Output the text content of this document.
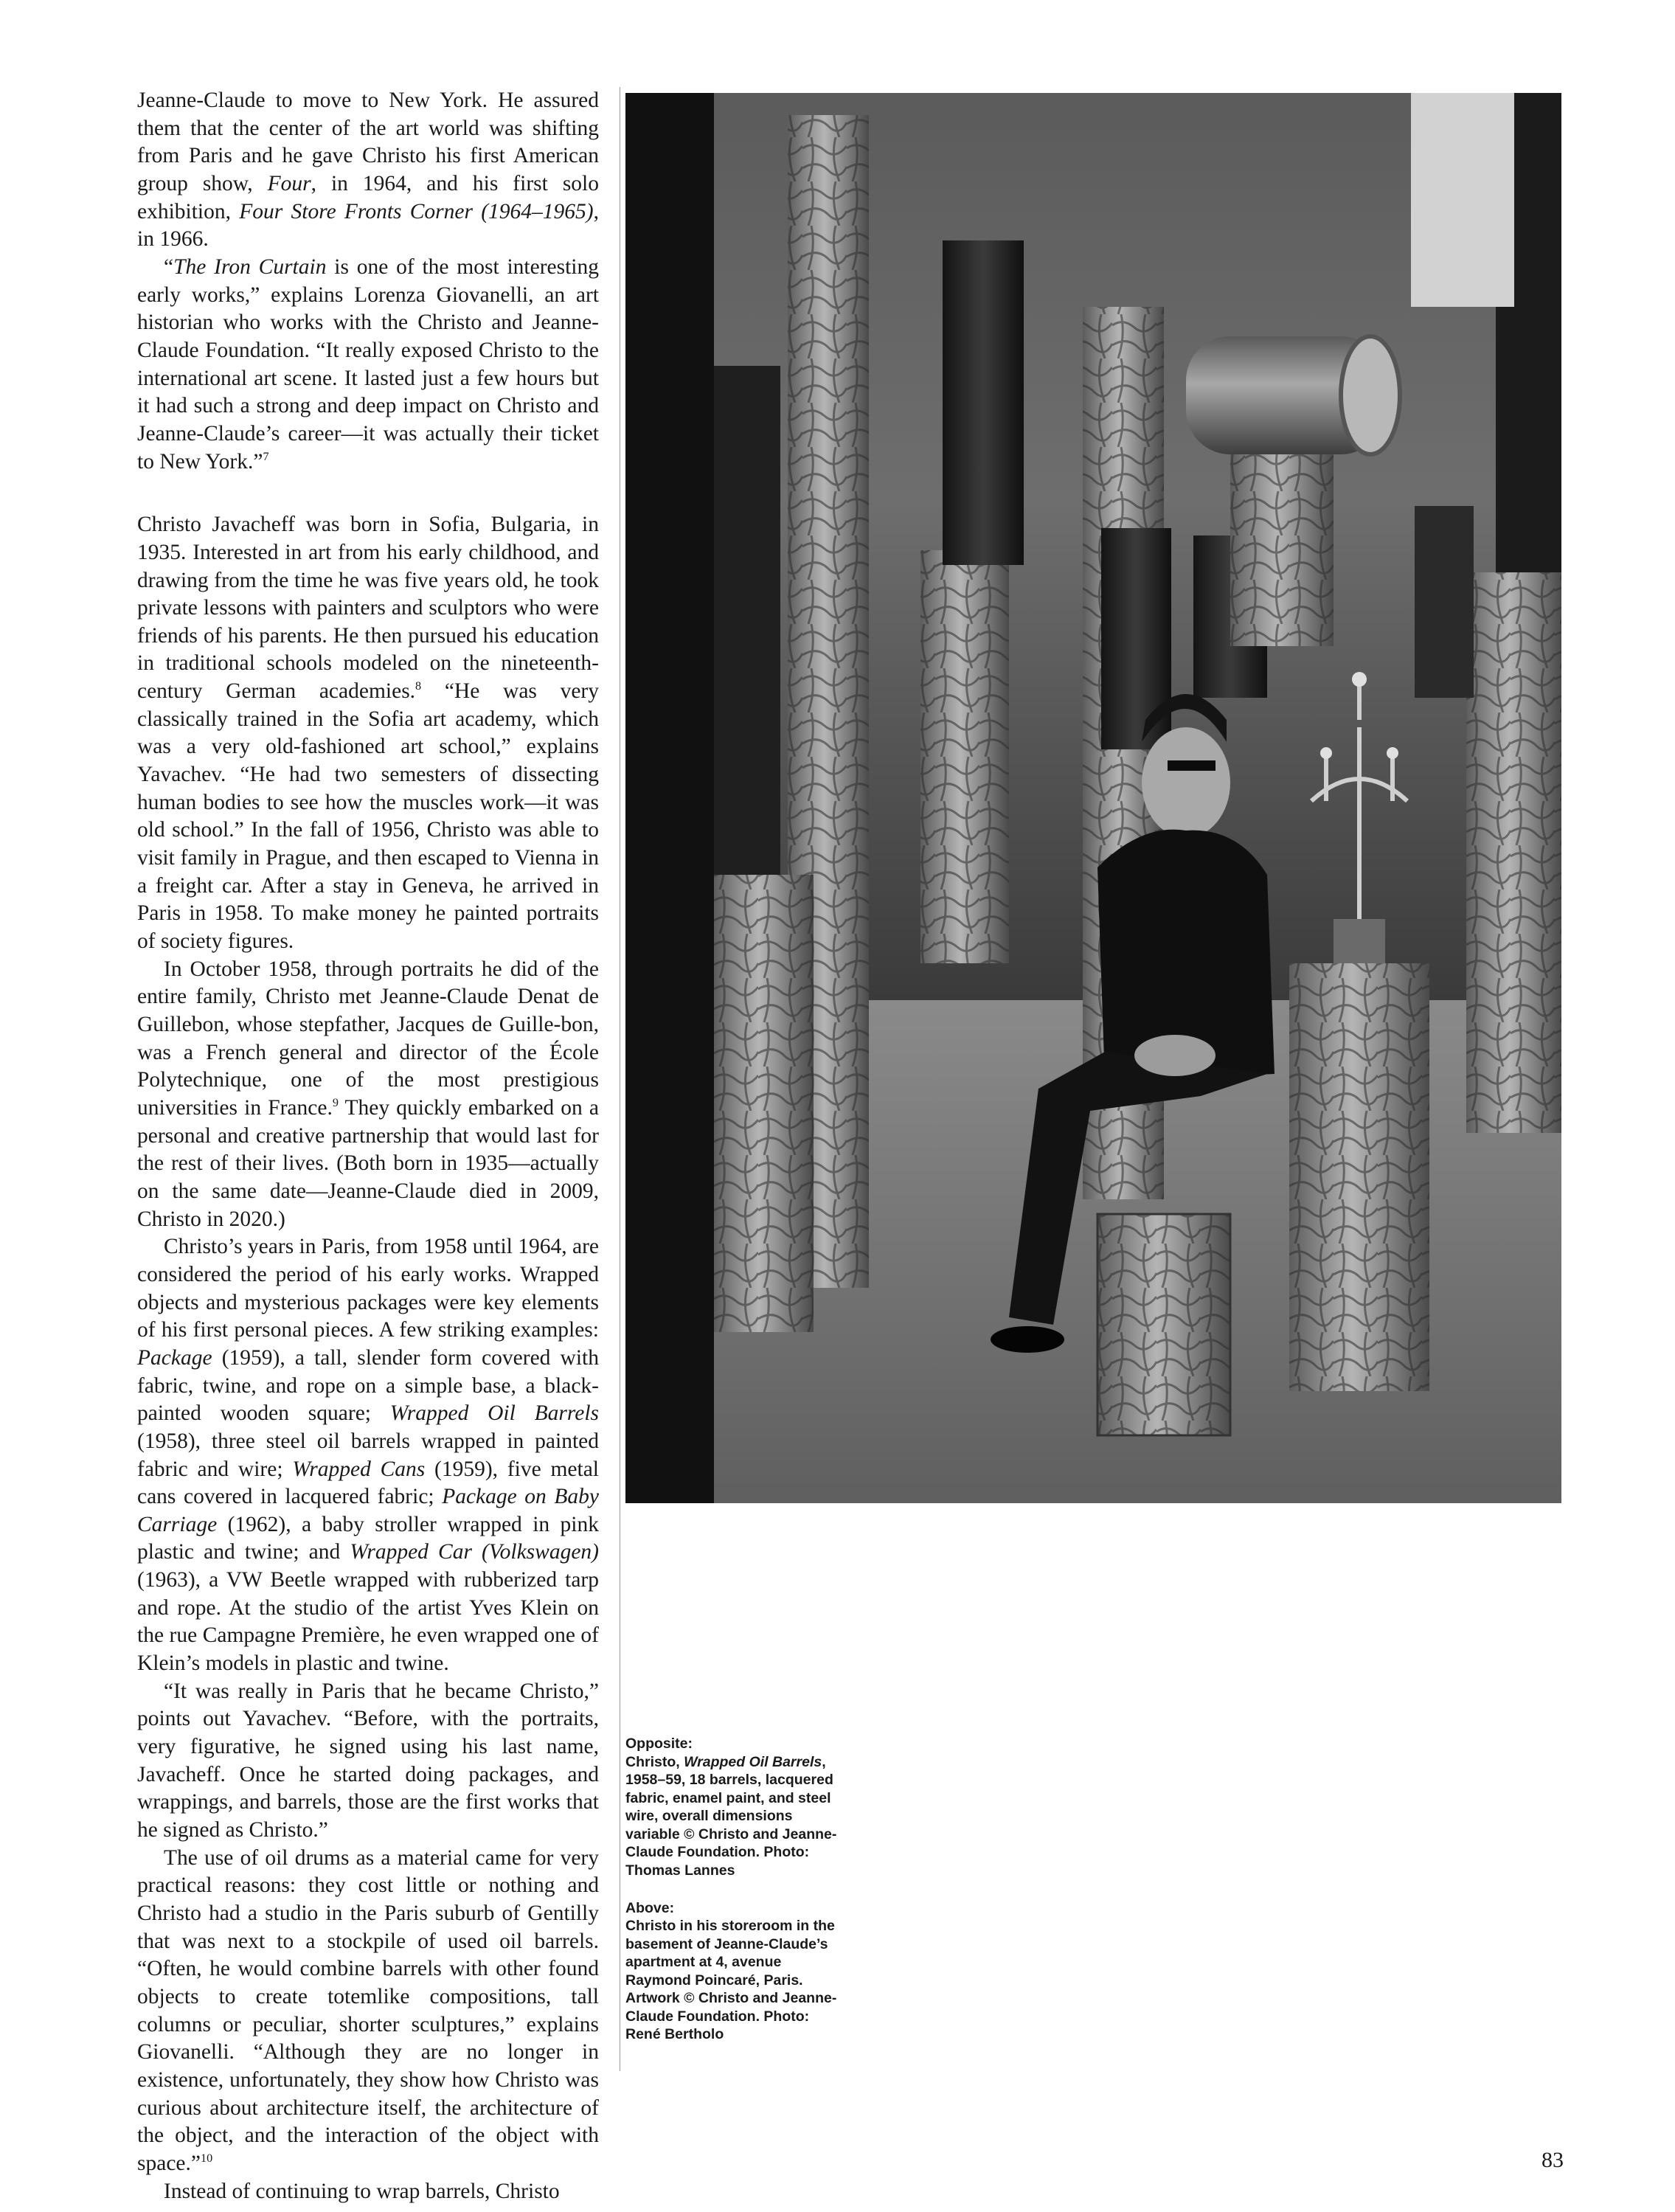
Jeanne-Claude to move to New York. He assured them that the center of the art world was shifting from Paris and he gave Christo his first American group show, Four, in 1964, and his first solo exhibition, Four Store Fronts Corner (1964–1965), in 1966.

“The Iron Curtain is one of the most interesting early works,” explains Lorenza Giovanelli, an art historian who works with the Christo and Jeanne-Claude Foundation. “It really exposed Christo to the international art scene. It lasted just a few hours but it had such a strong and deep impact on Christo and Jeanne-Claude’s career—it was actually their ticket to New York.”$^7$

Christo Javacheff was born in Sofia, Bulgaria, in 1935. Interested in art from his early childhood, and drawing from the time he was five years old, he took private lessons with painters and sculptors who were friends of his parents. He then pursued his education in traditional schools modeled on the nineteenth-century German academies.$^8$ “He was very classically trained in the Sofia art academy, which was a very old-fashioned art school,” explains Yavachev. “He had two semesters of dissecting human bodies to see how the muscles work—it was old school.” In the fall of 1956, Christo was able to visit family in Prague, and then escaped to Vienna in a freight car. After a stay in Geneva, he arrived in Paris in 1958. To make money he painted portraits of society figures.

In October 1958, through portraits he did of the entire family, Christo met Jeanne-Claude Denat de Guillebon, whose stepfather, Jacques de Guille-bon, was a French general and director of the École Polytechnique, one of the most prestigious universities in France.$^9$ They quickly embarked on a personal and creative partnership that would last for the rest of their lives. (Both born in 1935—actually on the same date—Jeanne-Claude died in 2009, Christo in 2020.)

Christo’s years in Paris, from 1958 until 1964, are considered the period of his early works. Wrapped objects and mysterious packages were key elements of his first personal pieces. A few striking examples: Package (1959), a tall, slender form covered with fabric, twine, and rope on a simple base, a black-painted wooden square; Wrapped Oil Barrels (1958), three steel oil barrels wrapped in painted fabric and wire; Wrapped Cans (1959), five metal cans covered in lacquered fabric; Package on Baby Carriage (1962), a baby stroller wrapped in pink plastic and twine; and Wrapped Car (Volkswagen) (1963), a VW Beetle wrapped with rubberized tarp and rope. At the studio of the artist Yves Klein on the rue Campagne Première, he even wrapped one of Klein’s models in plastic and twine.

“It was really in Paris that he became Christo,” points out Yavachev. “Before, with the portraits, very figurative, he signed using his last name, Javacheff. Once he started doing packages, and wrappings, and barrels, those are the first works that he signed as Christo.”

The use of oil drums as a material came for very practical reasons: they cost little or nothing and Christo had a studio in the Paris suburb of Gentilly that was next to a stockpile of used oil barrels. “Often, he would combine barrels with other found objects to create totemlike compositions, tall columns or peculiar, shorter sculptures,” explains Giovanelli. “Although they are no longer in existence, unfortunately, they show how Christo was curious about architecture itself, the architecture of the object, and the interaction of the object with space.”$^{10}$

Instead of continuing to wrap barrels, Christo

Opposite:

Christo, Wrapped Oil Barrels, 1958–59, 18 barrels, lacquered fabric, enamel paint, and steel wire, overall dimensions variable © Christo and Jeanne-Claude Foundation. Photo: Thomas Lannes

Above:

Christo in his storeroom in the basement of Jeanne-Claude’s apartment at 4, avenue Raymond Poincaré, Paris. Artwork © Christo and Jeanne-Claude Foundation. Photo: René Bertholo

83
